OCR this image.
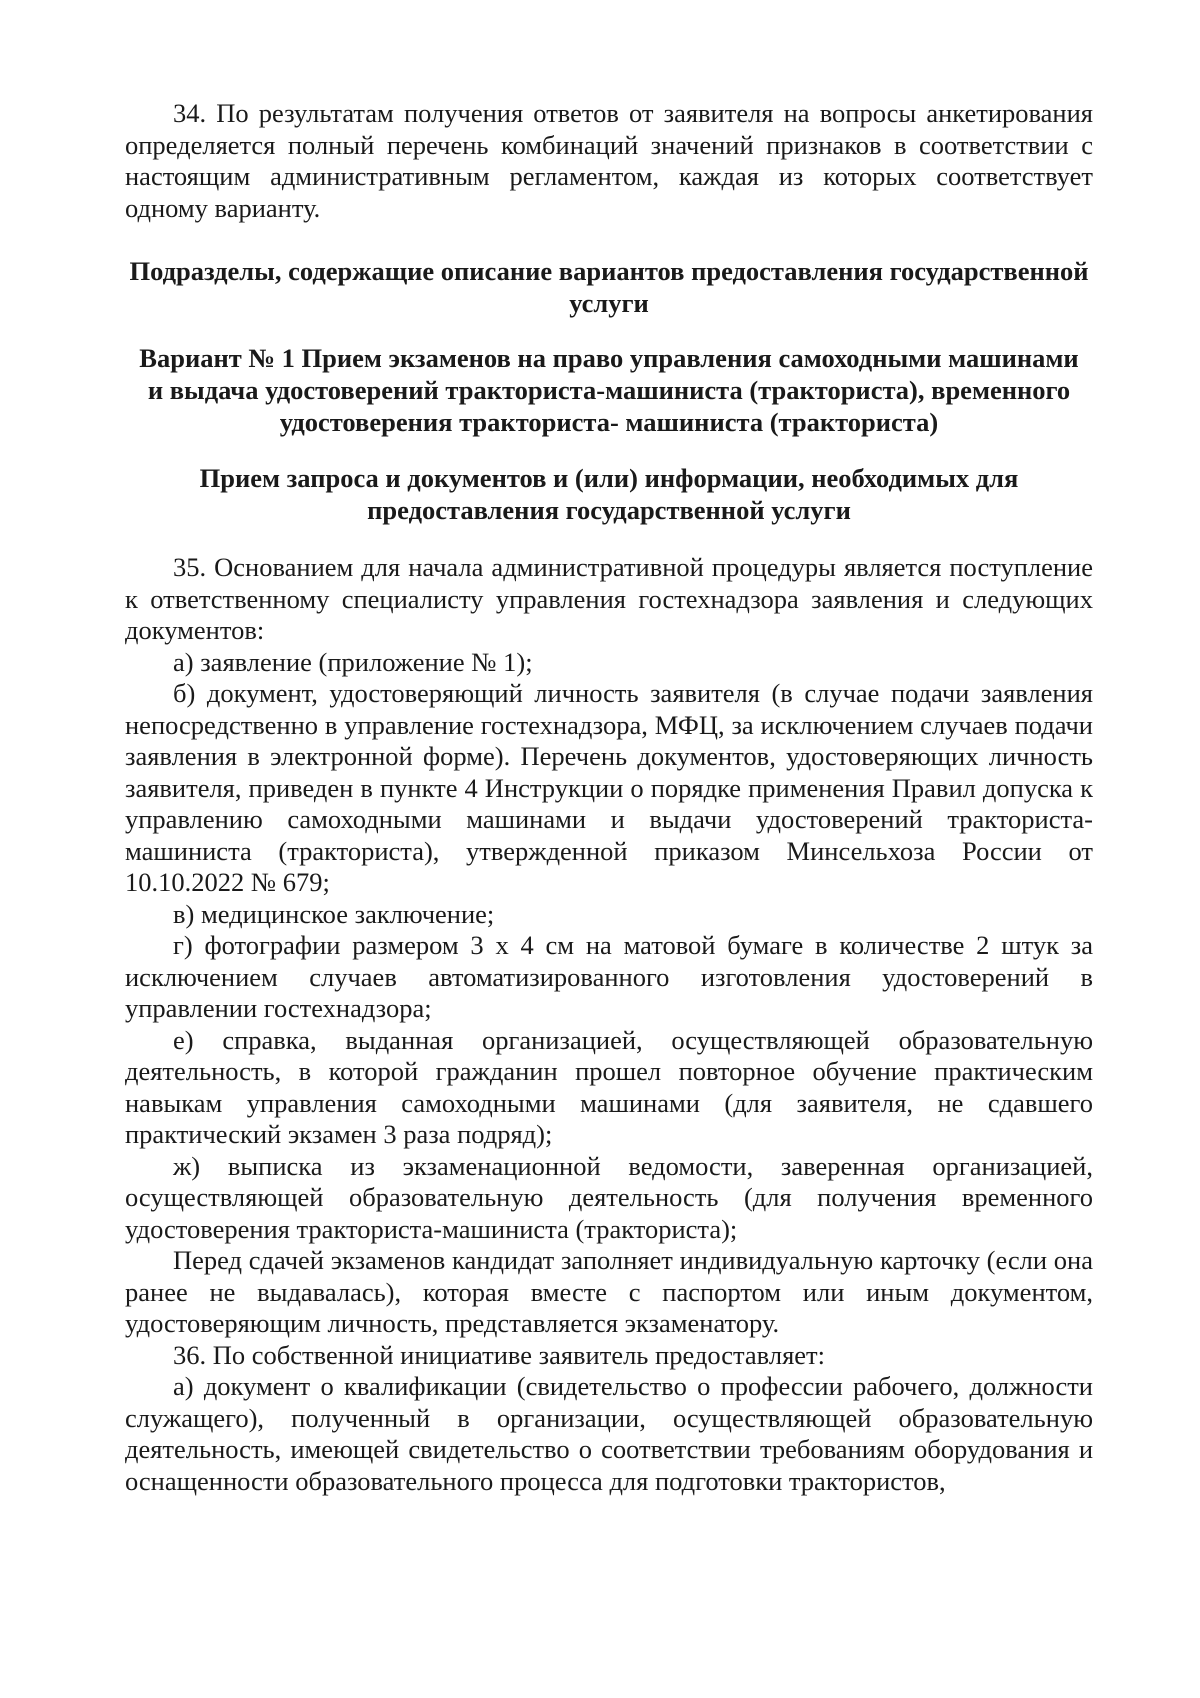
34. По результатам получения ответов от заявителя на вопросы анкетирования определяется полный перечень комбинаций значений признаков в соответствии с настоящим административным регламентом, каждая из которых соответствует одному варианту.

Подразделы, содержащие описание вариантов предоставления государственной услуги
Вариант № 1 Прием экзаменов на право управления самоходными машинами и выдача удостоверений тракториста-машиниста (тракториста), временного удостоверения тракториста- машиниста (тракториста)
Прием запроса и документов и (или) информации, необходимых для предоставления государственной услуги

35. Основанием для начала административной процедуры является поступление к ответственному специалисту управления гостехнадзора заявления и следующих документов:

а) заявление (приложение № 1);

б) документ, удостоверяющий личность заявителя (в случае подачи заявления непосредственно в управление гостехнадзора, МФЦ, за исключением случаев подачи заявления в электронной форме). Перечень документов, удостоверяющих личность заявителя, приведен в пункте 4 Инструкции о порядке применения Правил допуска к управлению самоходными машинами и выдачи удостоверений тракториста-машиниста (тракториста), утвержденной приказом Минсельхоза России от 10.10.2022 № 679;

в) медицинское заключение;

г) фотографии размером 3 х 4 см на матовой бумаге в количестве 2 штук за исключением случаев автоматизированного изготовления удостоверений в управлении гостехнадзора;

е) справка, выданная организацией, осуществляющей образовательную деятельность, в которой гражданин прошел повторное обучение практическим навыкам управления самоходными машинами (для заявителя, не сдавшего практический экзамен 3 раза подряд);

ж) выписка из экзаменационной ведомости, заверенная организацией, осуществляющей образовательную деятельность (для получения временного удостоверения тракториста-машиниста (тракториста);

Перед сдачей экзаменов кандидат заполняет индивидуальную карточку (если она ранее не выдавалась), которая вместе с паспортом или иным документом, удостоверяющим личность, представляется экзаменатору.

36. По собственной инициативе заявитель предоставляет:

а) документ о квалификации (свидетельство о профессии рабочего, должности служащего), полученный в организации, осуществляющей образовательную деятельность, имеющей свидетельство о соответствии требованиям оборудования и оснащенности образовательного процесса для подготовки трактористов,
